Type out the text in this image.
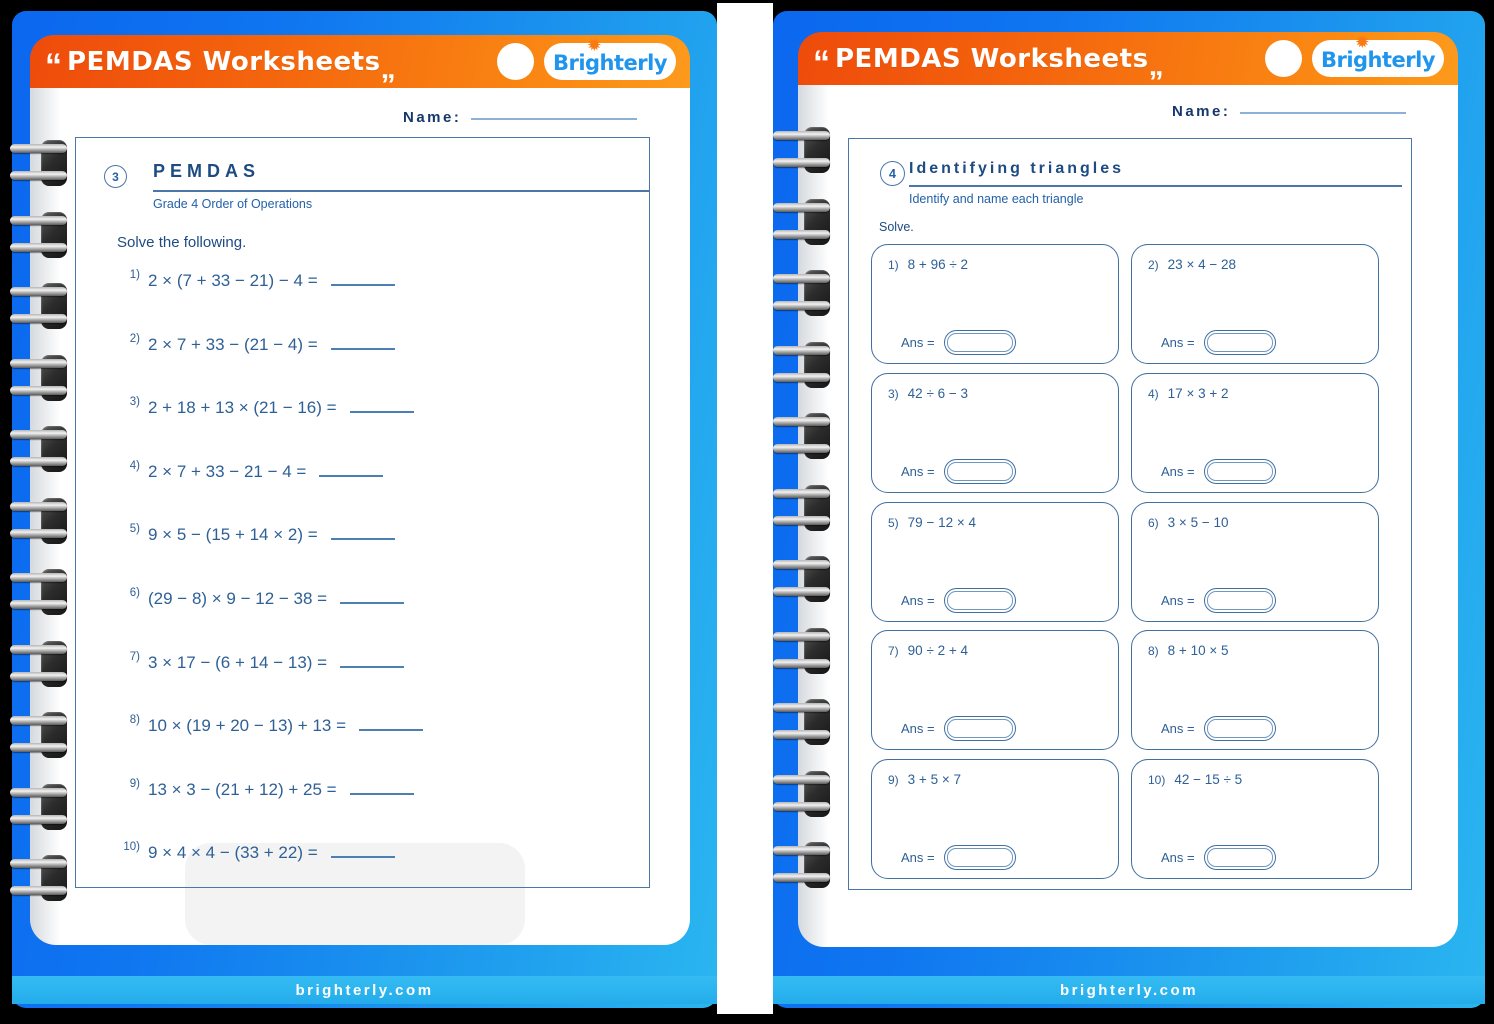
“ PEMDAS Worksheets „
✹
Brighterly
Name:
3	PEMDAS
Grade 4 Order of Operations
Solve the following.
1) 2 × (7 + 33 − 21) − 4 =
2) 2 × 7 + 33 − (21 − 4) =
3) 2 + 18 + 13 × (21 − 16) =
4) 2 × 7 + 33 − 21 − 4 =
5) 9 × 5 − (15 + 14 × 2) =
6) (29 − 8) × 9 − 12 − 38 =
7) 3 × 17 − (6 + 14 − 13) =
8) 10 × (19 + 20 − 13) + 13 =
9) 13 × 3 − (21 + 12) + 25 =
10) 9 × 4 × 4 − (33 + 22) =
brighterly.com
“ PEMDAS Worksheets „
✹
Brighterly
Name:
4 Identifying triangles
Identify and name each triangle
Solve.
1) 8 + 96 ÷ 2
Ans =
2) 23 × 4 − 28
Ans =
3) 42 ÷ 6 − 3
Ans =
4) 17 × 3 + 2
Ans =
5) 79 − 12 × 4
Ans =
6) 3 × 5 − 10
Ans =
7) 90 ÷ 2 + 4
Ans =
8) 8 + 10 × 5
Ans =
9) 3 + 5 × 7
Ans =
10) 42 − 15 ÷ 5
Ans =
brighterly.com
